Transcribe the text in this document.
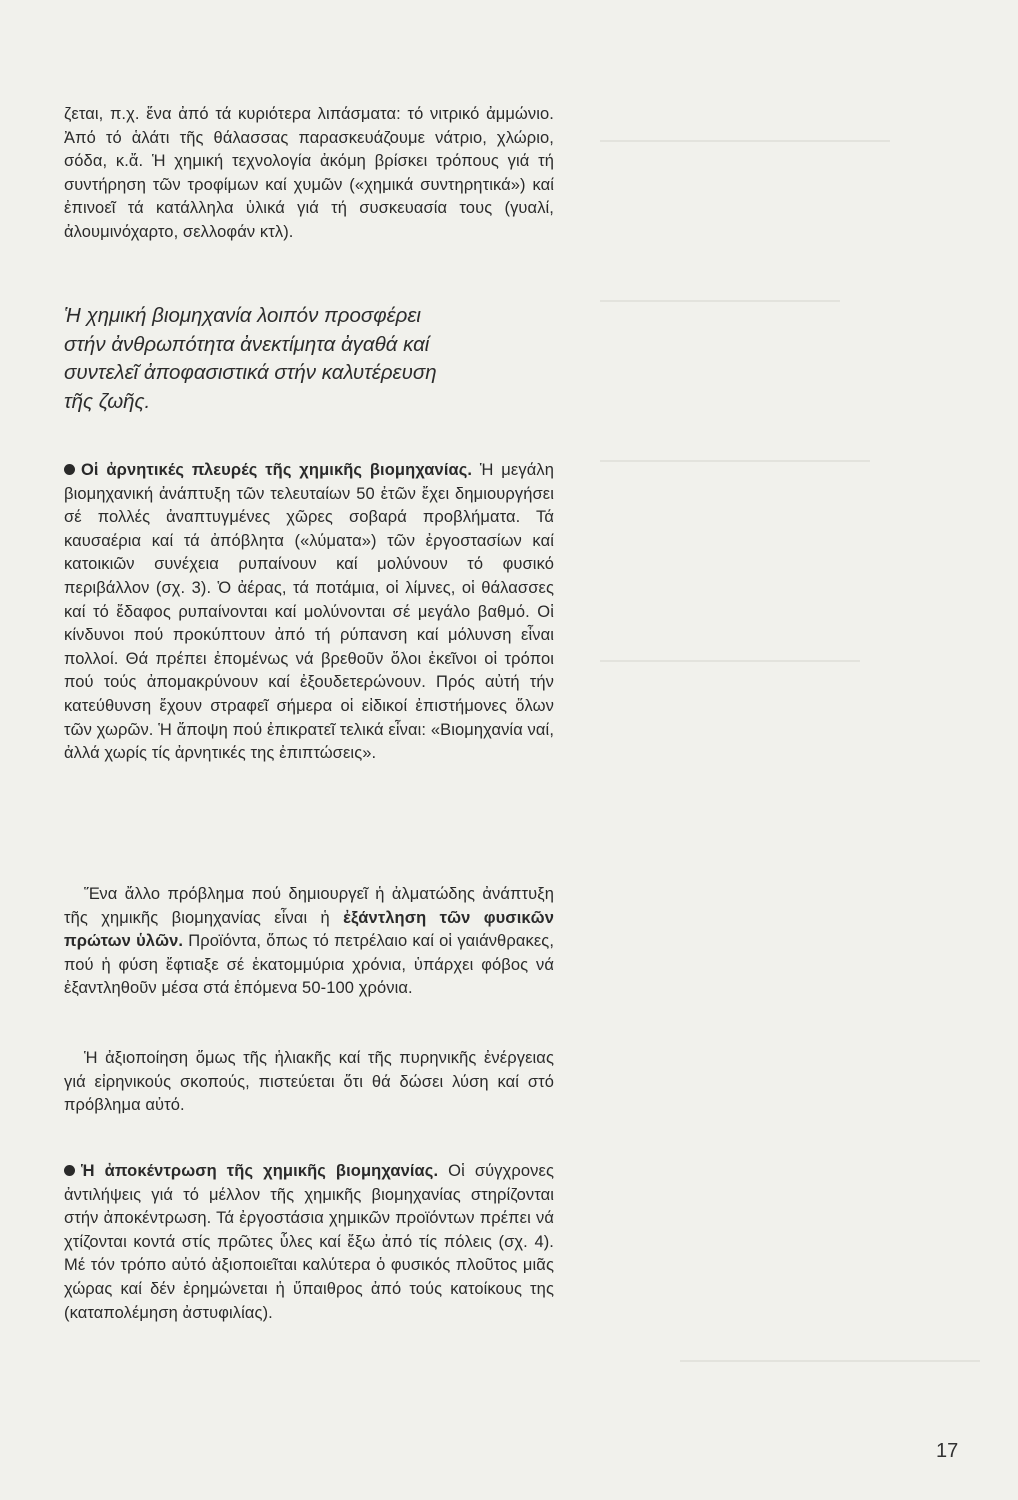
ζεται, π.χ. ἕνα ἀπό τά κυριότερα λιπάσματα: τό νιτρικό ἀμμώνιο. Ἀπό τό ἁλάτι τῆς θάλασσας παρασκευάζουμε νάτριο, χλώριο, σόδα, κ.ἄ. Ἡ χημική τεχνολογία ἀκόμη βρίσκει τρόπους γιά τή συντήρηση τῶν τροφίμων καί χυμῶν («χημικά συντηρητικά») καί ἐπινοεῖ τά κατάλληλα ὑλικά γιά τή συσκευασία τους (γυαλί, ἀλουμινόχαρτο, σελλοφάν κτλ).

Ἡ χημική βιομηχανία λοιπόν προσφέρει στήν ἀνθρωπότητα ἀνεκτίμητα ἀγαθά καί συντελεῖ ἀποφασιστικά στήν καλυτέρευση τῆς ζωῆς.

Οἱ ἀρνητικές πλευρές τῆς χημικῆς βιομηχανίας. Ἡ μεγάλη βιομηχανική ἀνάπτυξη τῶν τελευταίων 50 ἐτῶν ἔχει δημιουργήσει σέ πολλές ἀναπτυγμένες χῶρες σοβαρά προβλήματα. Τά καυσαέρια καί τά ἀπόβλητα («λύματα») τῶν ἐργοστασίων καί κατοικιῶν συνέχεια ρυπαίνουν καί μολύνουν τό φυσικό περιβάλλον (σχ. 3). Ὁ ἀέρας, τά ποτάμια, οἱ λίμνες, οἱ θάλασσες καί τό ἔδαφος ρυπαίνονται καί μολύνονται σέ μεγάλο βαθμό. Οἱ κίνδυνοι πού προκύπτουν ἀπό τή ρύπανση καί μόλυνση εἶναι πολλοί. Θά πρέπει ἐπομένως νά βρεθοῦν ὅλοι ἐκεῖνοι οἱ τρόποι πού τούς ἀπομακρύνουν καί ἐξουδετερώνουν. Πρός αὐτή τήν κατεύθυνση ἔχουν στραφεῖ σήμερα οἱ εἰδικοί ἐπιστήμονες ὅλων τῶν χωρῶν. Ἡ ἄποψη πού ἐπικρατεῖ τελικά εἶναι: «Βιομηχανία ναί, ἀλλά χωρίς τίς ἀρνητικές της ἐπιπτώσεις».

Ἕνα ἄλλο πρόβλημα πού δημιουργεῖ ἡ ἀλματώδης ἀνάπτυξη τῆς χημικῆς βιομηχανίας εἶναι ἡ ἐξάντληση τῶν φυσικῶν πρώτων ὑλῶν. Προϊόντα, ὅπως τό πετρέλαιο καί οἱ γαιάνθρακες, πού ἡ φύση ἔφτιαξε σέ ἑκατομμύρια χρόνια, ὑπάρχει φόβος νά ἐξαντληθοῦν μέσα στά ἑπόμενα 50-100 χρόνια.

Ἡ ἀξιοποίηση ὅμως τῆς ἡλιακῆς καί τῆς πυρηνικῆς ἐνέργειας γιά εἰρηνικούς σκοπούς, πιστεύεται ὅτι θά δώσει λύση καί στό πρόβλημα αὐτό.

Ἡ ἀποκέντρωση τῆς χημικῆς βιομηχανίας. Οἱ σύγχρονες ἀντιλήψεις γιά τό μέλλον τῆς χημικῆς βιομηχανίας στηρίζονται στήν ἀποκέντρωση. Τά ἐργοστάσια χημικῶν προϊόντων πρέπει νά χτίζονται κοντά στίς πρῶτες ὗλες καί ἔξω ἀπό τίς πόλεις (σχ. 4). Μέ τόν τρόπο αὐτό ἀξιοποιεῖται καλύτερα ὁ φυσικός πλοῦτος μιᾶς χώρας καί δέν ἐρημώνεται ἡ ὕπαιθρος ἀπό τούς κατοίκους της (καταπολέμηση ἀστυφιλίας).

17
